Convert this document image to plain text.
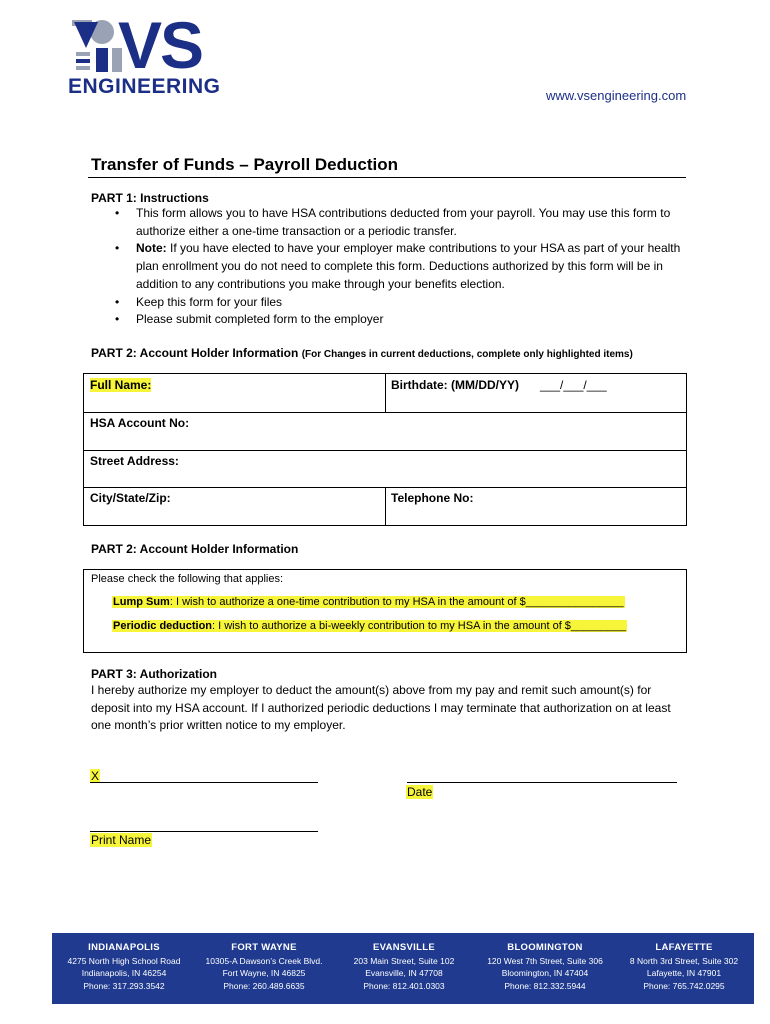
VS
ENGINEERING	www.vsengineering.com
Transfer of Funds – Payroll Deduction
PART 1: Instructions
• This form allows you to have HSA contributions deducted from your payroll. You may use this form to authorize either a one-time transaction or a periodic transfer.
• Note: If you have elected to have your employer make contributions to your HSA as part of your health plan enrollment you do not need to complete this form. Deductions authorized by this form will be in addition to any contributions you make through your benefits election.
• Keep this form for your files
• Please submit completed form to the employer
PART 2: Account Holder Information (For Changes in current deductions, complete only highlighted items)
Full Name:	Birthdate: (MM/DD/YY) ___/___/___
HSA Account No:
Street Address:
City/State/Zip:	Telephone No:
PART 2: Account Holder Information
Please check the following that applies:
Lump Sum: I wish to authorize a one-time contribution to my HSA in the amount of $________________
Periodic deduction: I wish to authorize a bi-weekly contribution to my HSA in the amount of $_________
PART 3: Authorization
I hereby authorize my employer to deduct the amount(s) above from my pay and remit such amount(s) for deposit into my HSA account. If I authorized periodic deductions I may terminate that authorization on at least one month’s prior written notice to my employer.
X
Date
Print Name
INDIANAPOLIS
4275 North High School Road
Indianapolis, IN 46254
Phone: 317.293.3542
FORT WAYNE
10305-A Dawson’s Creek Blvd.
Fort Wayne, IN 46825
Phone: 260.489.6635
EVANSVILLE
203 Main Street, Suite 102
Evansville, IN 47708
Phone: 812.401.0303
BLOOMINGTON
120 West 7th Street, Suite 306
Bloomington, IN 47404
Phone: 812.332.5944
LAFAYETTE
8 North 3rd Street, Suite 302
Lafayette, IN 47901
Phone: 765.742.0295
